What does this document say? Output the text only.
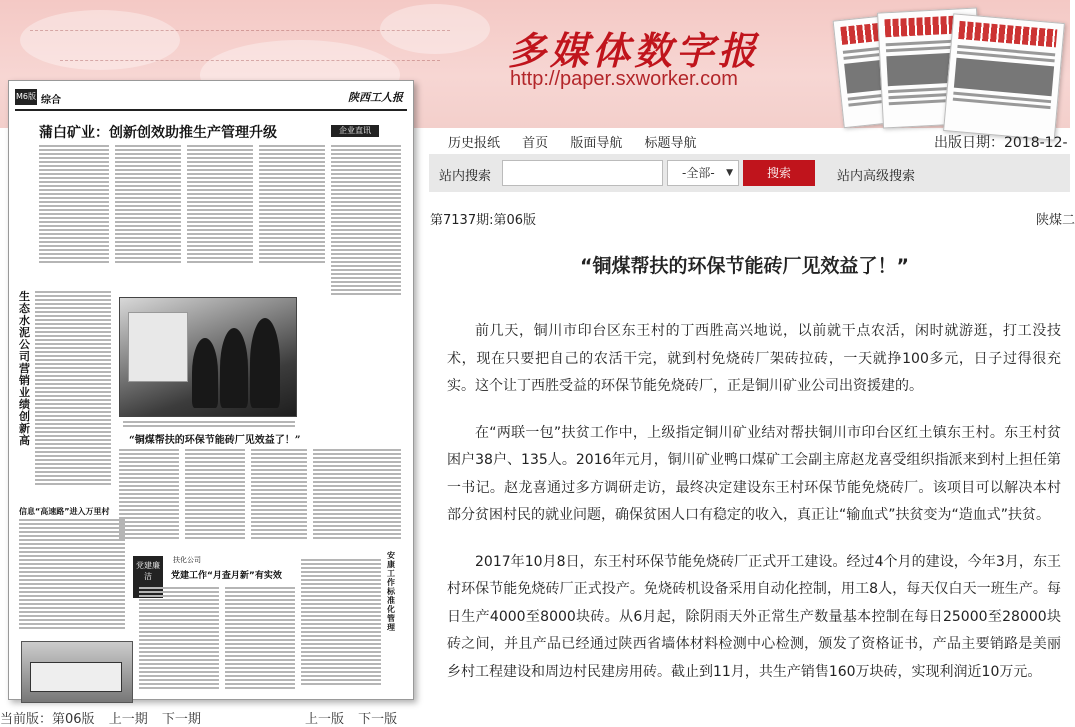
多媒体数字报
http://paper.sxworker.com
M6版 综合	陕西工人报
蒲白矿业：创新创效助推生产管理升级	企业直讯
生态水泥公司营销业绩创新高	“铜煤帮扶的环保节能砖厂见效益了！”
信息“高速路”进入万里村
党建廉洁
扶化公司
党建工作“月查月新”有实效
安康工作标准化管理
当前版：第06版 上一期 下一期	上一版 下一版
历史报纸 首页 版面导航 标题导航	出版日期：2018-12-
站内搜索	-全部- ▼	搜索	站内高级搜索
第7137期:第06版	陕煤二
“铜煤帮扶的环保节能砖厂见效益了！”

前几天，铜川市印台区东王村的丁西胜高兴地说，以前就干点农活，闲时就游逛，打工没技术，现在只要把自己的农活干完，就到村免烧砖厂架砖拉砖，一天就挣100多元，日子过得很充实。这个让丁西胜受益的环保节能免烧砖厂，正是铜川矿业公司出资援建的。

在“两联一包”扶贫工作中，上级指定铜川矿业结对帮扶铜川市印台区红土镇东王村。东王村贫困户38户、135人。2016年元月，铜川矿业鸭口煤矿工会副主席赵龙喜受组织指派来到村上担任第一书记。赵龙喜通过多方调研走访，最终决定建设东王村环保节能免烧砖厂。该项目可以解决本村部分贫困村民的就业问题，确保贫困人口有稳定的收入，真正让“输血式”扶贫变为“造血式”扶贫。

2017年10月8日，东王村环保节能免烧砖厂正式开工建设。经过4个月的建设，今年3月，东王村环保节能免烧砖厂正式投产。免烧砖机设备采用自动化控制，用工8人，每天仅白天一班生产。每日生产4000至8000块砖。从6月起，除阴雨天外正常生产数量基本控制在每日25000至28000块砖之间，并且产品已经通过陕西省墙体材料检测中心检测，颁发了资格证书，产品主要销路是美丽乡村工程建设和周边村民建房用砖。截止到11月，共生产销售160万块砖，实现利润近10万元。
